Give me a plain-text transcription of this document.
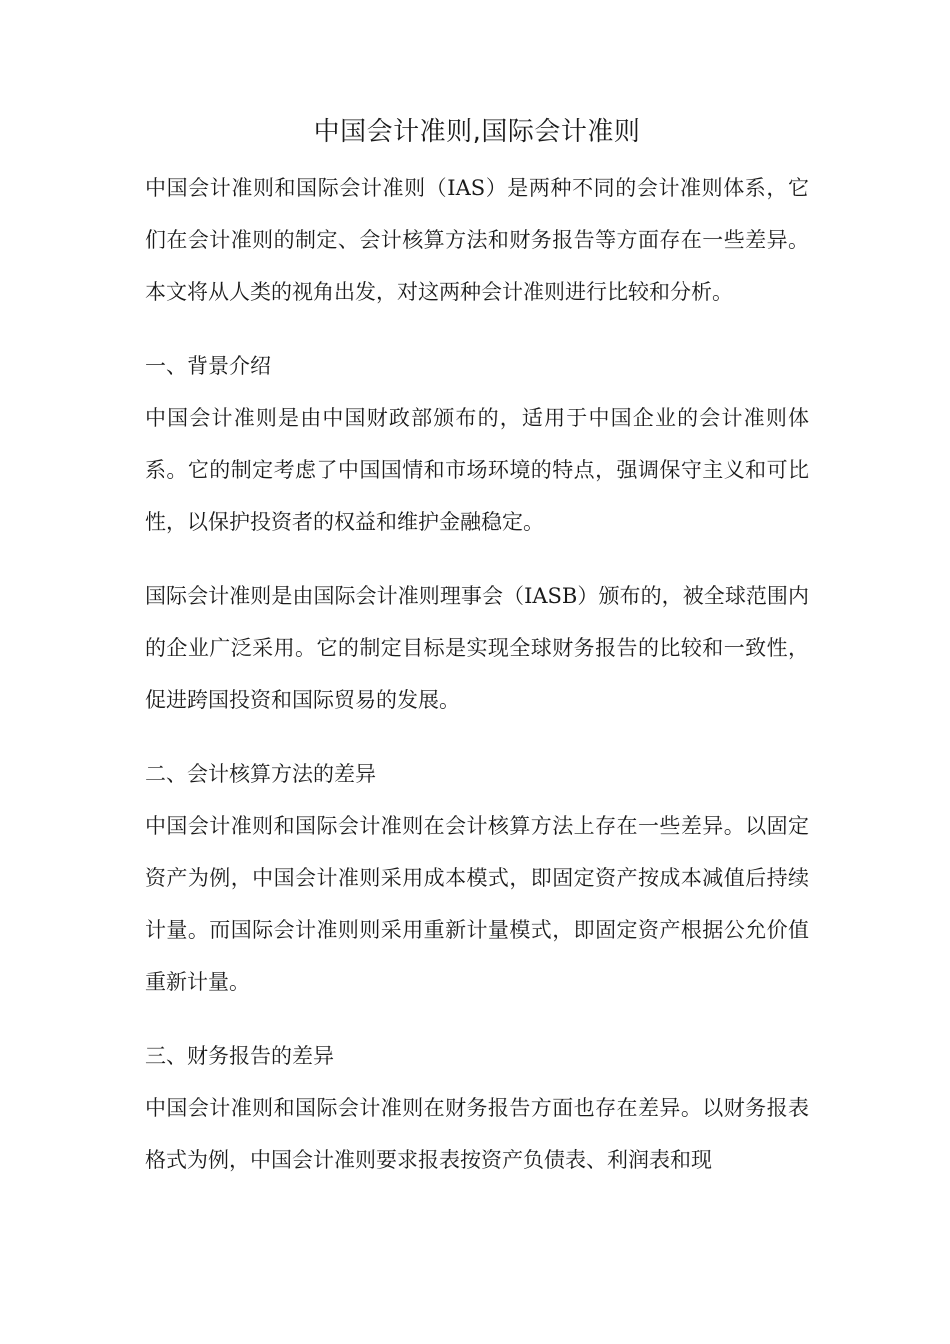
中国会计准则,国际会计准则

中国会计准则和国际会计准则（IAS）是两种不同的会计准则体系，它们在会计准则的制定、会计核算方法和财务报告等方面存在一些差异。本文将从人类的视角出发，对这两种会计准则进行比较和分析。

一、背景介绍

中国会计准则是由中国财政部颁布的，适用于中国企业的会计准则体系。它的制定考虑了中国国情和市场环境的特点，强调保守主义和可比性，以保护投资者的权益和维护金融稳定。

国际会计准则是由国际会计准则理事会（IASB）颁布的，被全球范围内的企业广泛采用。它的制定目标是实现全球财务报告的比较和一致性，促进跨国投资和国际贸易的发展。

二、会计核算方法的差异

中国会计准则和国际会计准则在会计核算方法上存在一些差异。以固定资产为例，中国会计准则采用成本模式，即固定资产按成本减值后持续计量。而国际会计准则则采用重新计量模式，即固定资产根据公允价值重新计量。

三、财务报告的差异

中国会计准则和国际会计准则在财务报告方面也存在差异。以财务报表格式为例，中国会计准则要求报表按资产负债表、利润表和现
